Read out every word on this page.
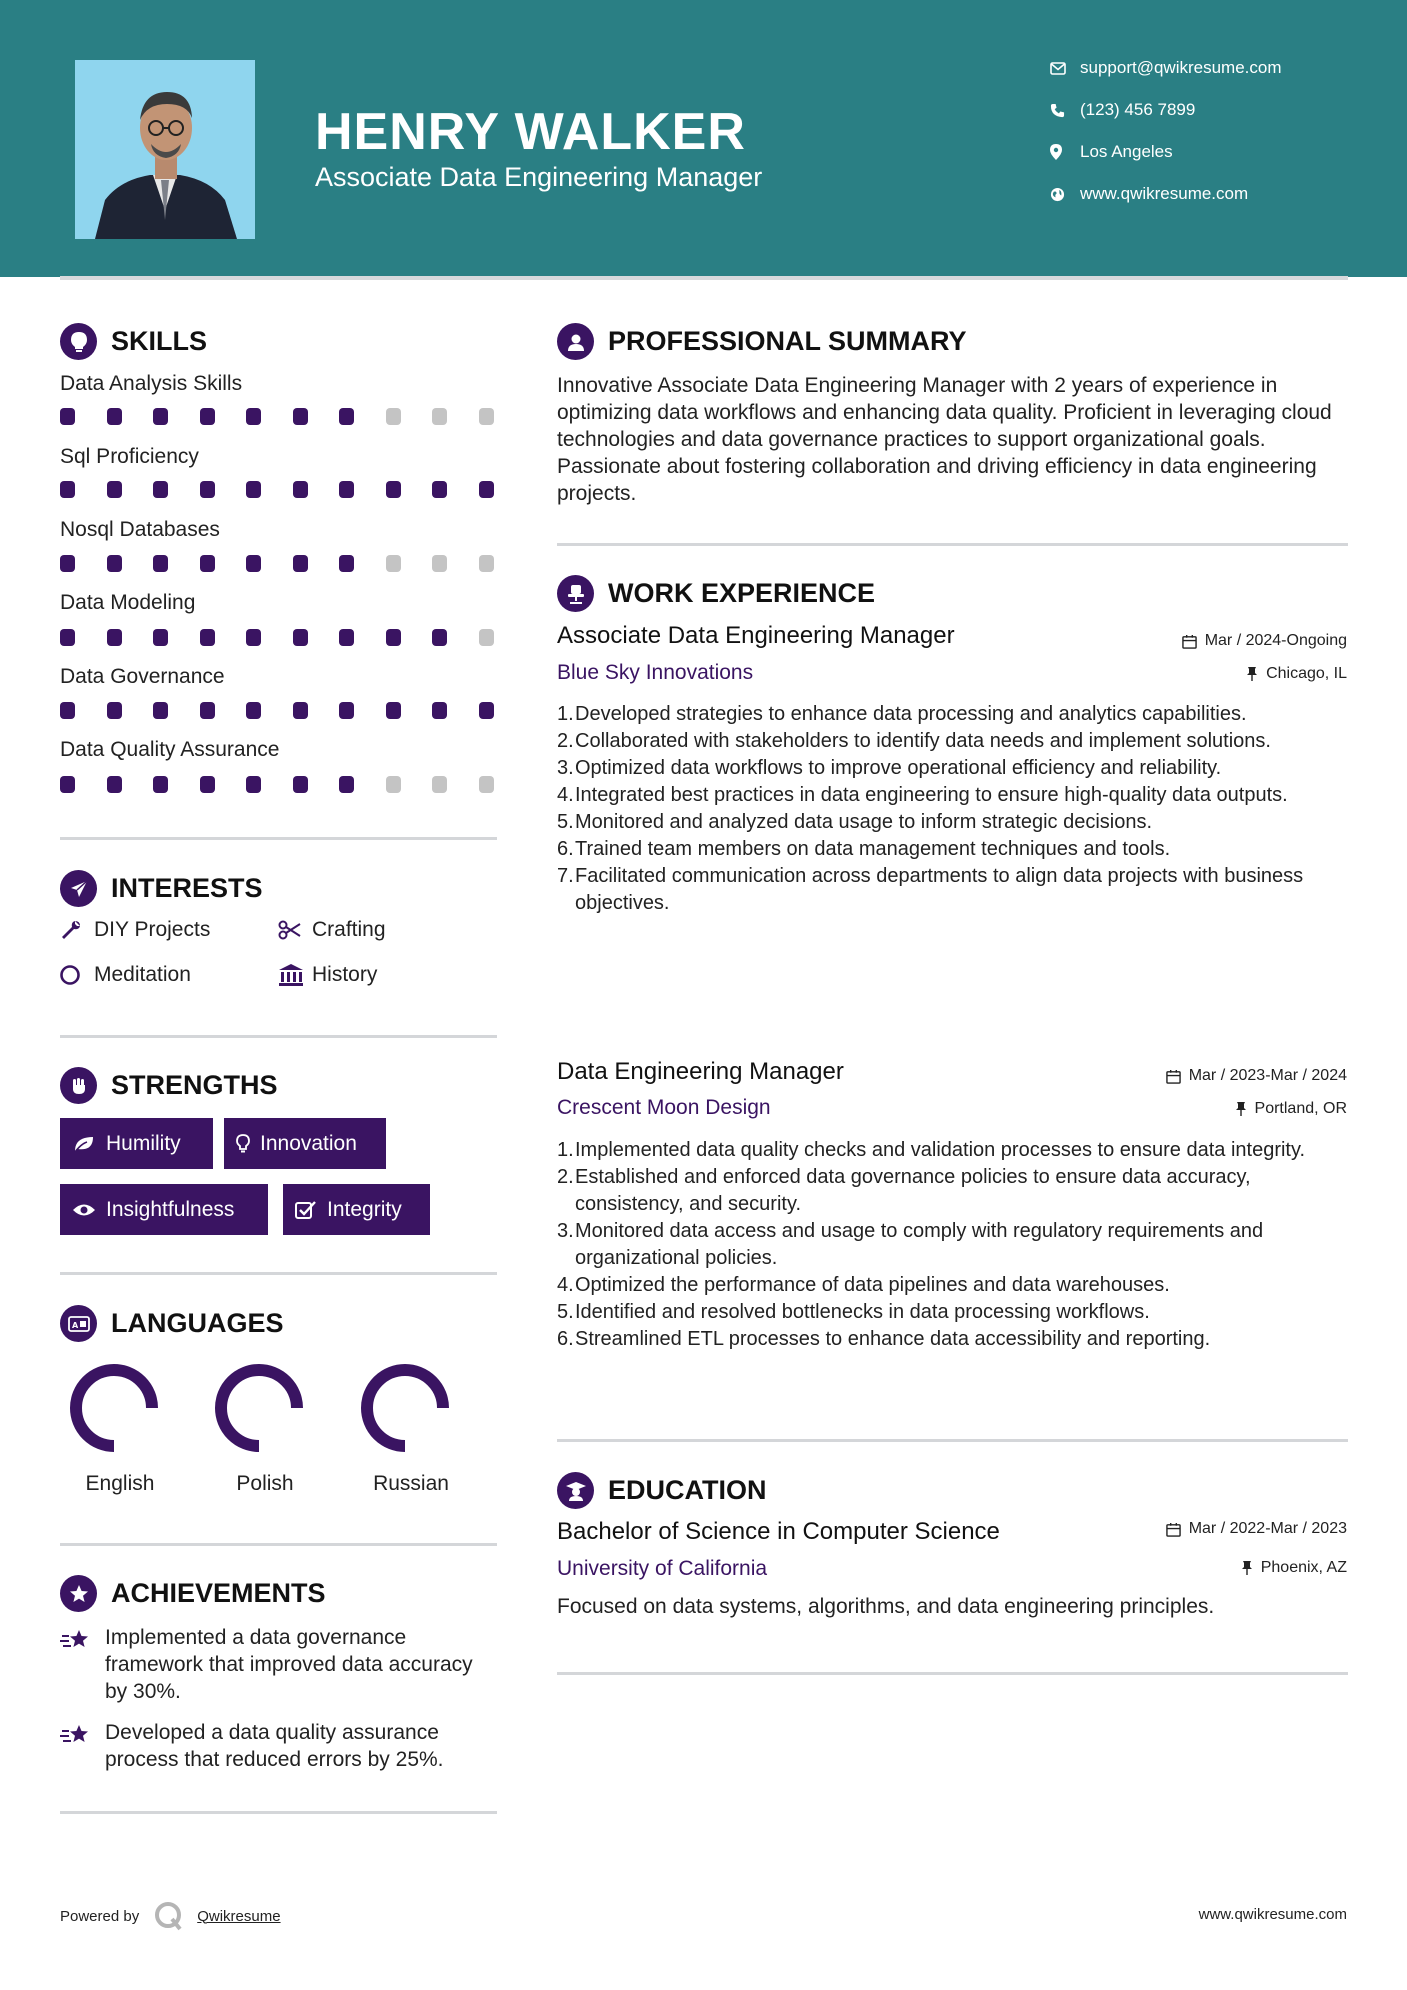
HENRY WALKER
Associate Data Engineering Manager
support@qwikresume.com
(123) 456 7899
Los Angeles
www.qwikresume.com
SKILLS
Data Analysis Skills
Sql Proficiency
Nosql Databases
Data Modeling
Data Governance
Data Quality Assurance
INTERESTS
DIY Projects	Crafting
Meditation	History
STRENGTHS
Humility	Innovation
Insightfulness	Integrity
A LANGUAGES
English	Polish	Russian
ACHIEVEMENTS
Implemented a data governance framework that improved data accuracy by 30%.
Developed a data quality assurance process that reduced errors by 25%.
PROFESSIONAL SUMMARY
Innovative Associate Data Engineering Manager with 2 years of experience in optimizing data workflows and enhancing data quality. Proficient in leveraging cloud technologies and data governance practices to support organizational goals. Passionate about fostering collaboration and driving efficiency in data engineering projects.
WORK EXPERIENCE
Associate Data Engineering Manager	Mar / 2024-Ongoing
Blue Sky Innovations	Chicago, IL
1. Developed strategies to enhance data processing and analytics capabilities.
2. Collaborated with stakeholders to identify data needs and implement solutions.
3. Optimized data workflows to improve operational efficiency and reliability.
4. Integrated best practices in data engineering to ensure high-quality data outputs.
5. Monitored and analyzed data usage to inform strategic decisions.
6. Trained team members on data management techniques and tools.
7. Facilitated communication across departments to align data projects with business objectives.
Data Engineering Manager	Mar / 2023-Mar / 2024
Crescent Moon Design	Portland, OR
1. Implemented data quality checks and validation processes to ensure data integrity.
2. Established and enforced data governance policies to ensure data accuracy, consistency, and security.
3. Monitored data access and usage to comply with regulatory requirements and organizational policies.
4. Optimized the performance of data pipelines and data warehouses.
5. Identified and resolved bottlenecks in data processing workflows.
6. Streamlined ETL processes to enhance data accessibility and reporting.
EDUCATION
Bachelor of Science in Computer Science	Mar / 2022-Mar / 2023
University of California	Phoenix, AZ
Focused on data systems, algorithms, and data engineering principles.
Powered by	Qwikresume	www.qwikresume.com
